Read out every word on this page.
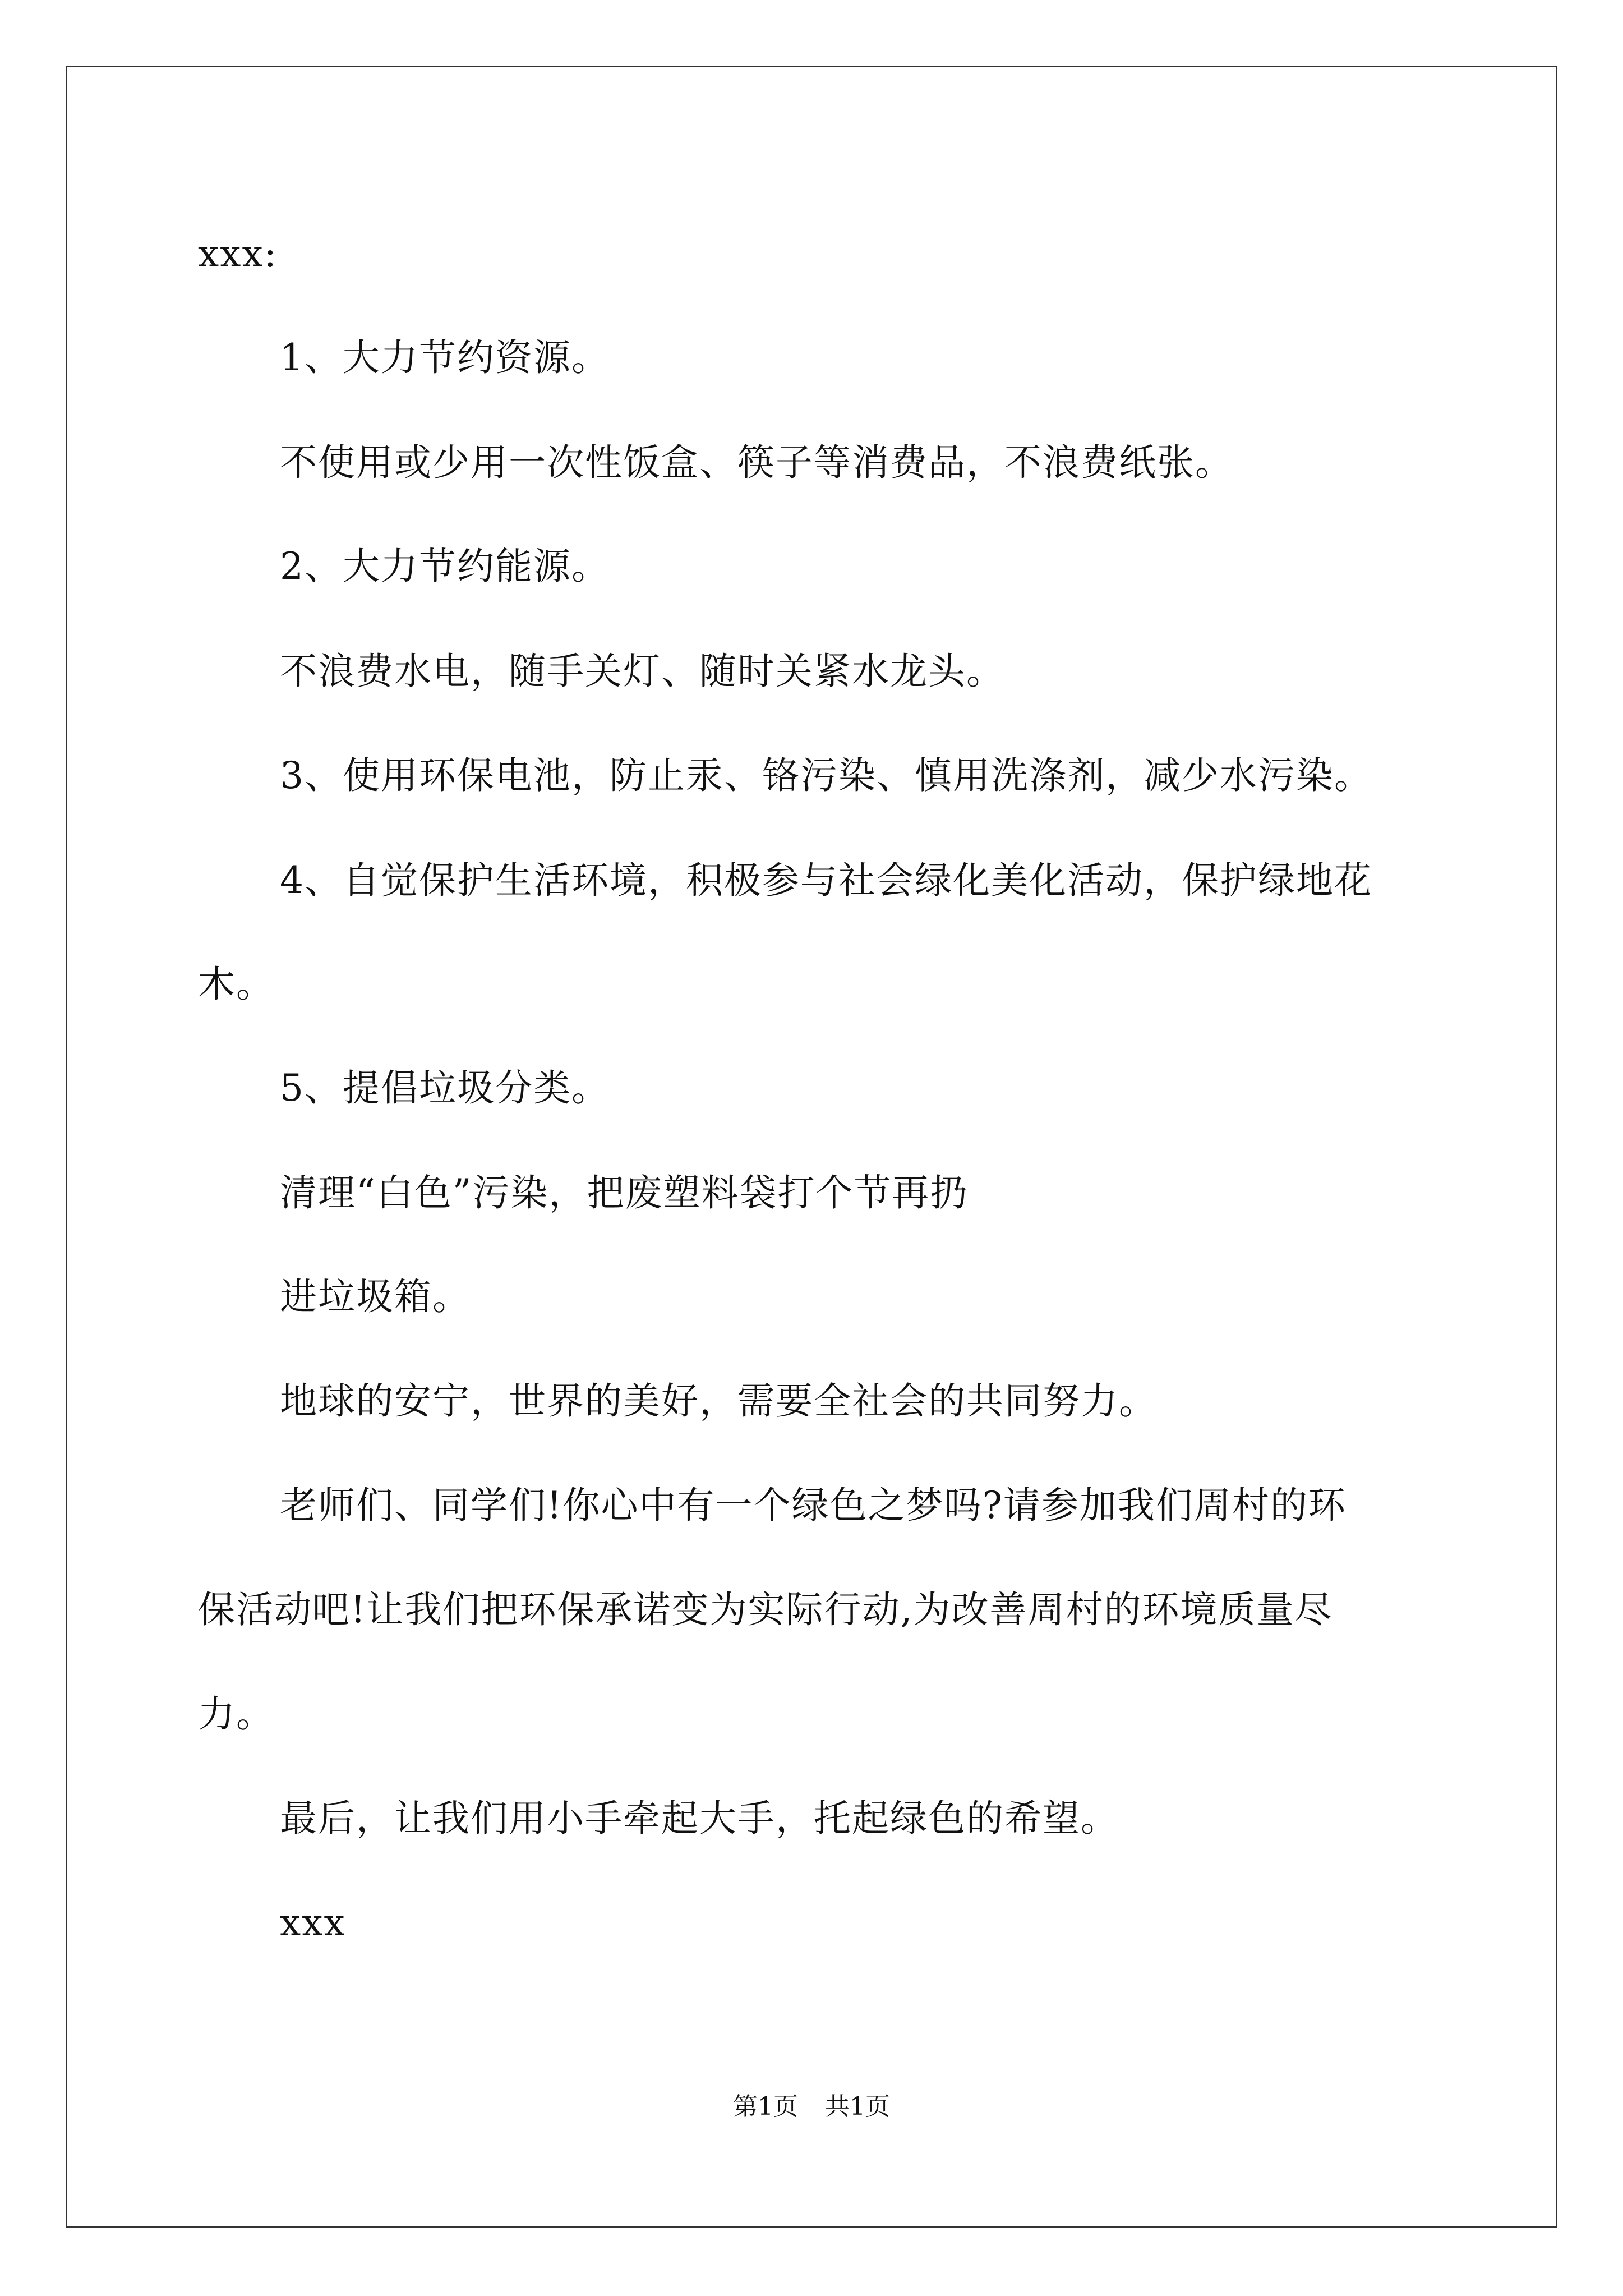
xxx:
1、大力节约资源。
不使用或少用一次性饭盒、筷子等消费品，不浪费纸张。
2、大力节约能源。
不浪费水电，随手关灯、随时关紧水龙头。
3、使用环保电池，防止汞、铬污染、慎用洗涤剂，减少水污染。
4、自觉保护生活环境，积极参与社会绿化美化活动，保护绿地花
木。
5、提倡垃圾分类。
清理“白色”污染，把废塑料袋打个节再扔
进垃圾箱。
地球的安宁，世界的美好，需要全社会的共同努力。
老师们、同学们!你心中有一个绿色之梦吗?请参加我们周村的环
保活动吧!让我们把环保承诺变为实际行动,为改善周村的环境质量尽
力。
最后，让我们用小手牵起大手，托起绿色的希望。
xxx
第1页 共1页
